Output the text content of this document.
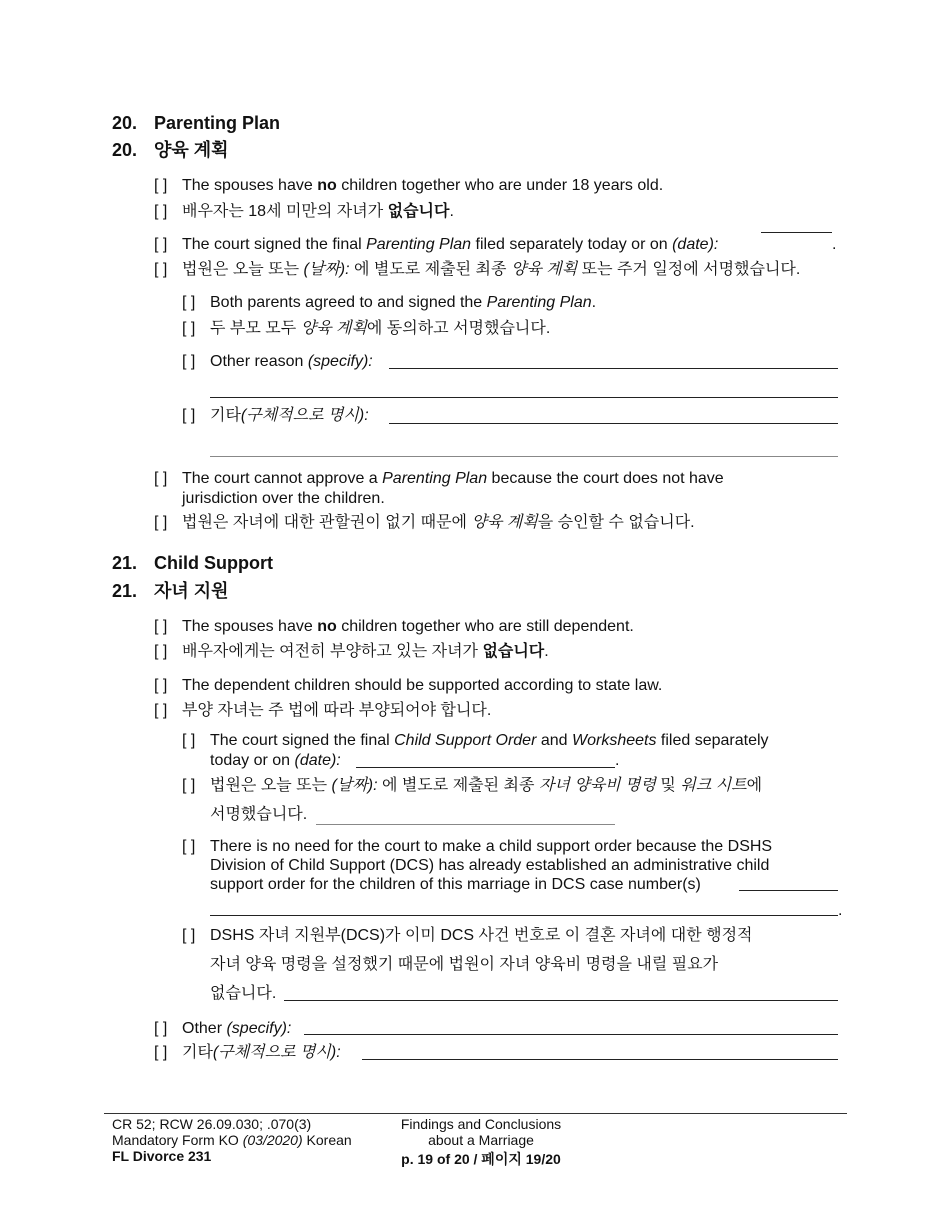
20. Parenting Plan
20. 양육 계획
[ ] The spouses have no children together who are under 18 years old.
[ ] 배우자는 18세 미만의 자녀가 없습니다.
[ ] The court signed the final Parenting Plan filed separately today or on (date):	.
[ ] 법원은 오늘 또는 (날짜): 에 별도로 제출된 최종 양육 계획 또는 주거 일정에 서명했습니다.
[ ] Both parents agreed to and signed the Parenting Plan.
[ ] 두 부모 모두 양육 계획에 동의하고 서명했습니다.
[ ] Other reason (specify):
[ ] 기타(구체적으로 명시):
[ ] The court cannot approve a Parenting Plan because the court does not have
jurisdiction over the children.
[ ] 법원은 자녀에 대한 관할권이 없기 때문에 양육 계획을 승인할 수 없습니다.
21. Child Support
21. 자녀 지원
[ ] The spouses have no children together who are still dependent.
[ ] 배우자에게는 여전히 부양하고 있는 자녀가 없습니다.
[ ] The dependent children should be supported according to state law.
[ ] 부양 자녀는 주 법에 따라 부양되어야 합니다.
[ ] The court signed the final Child Support Order and Worksheets filed separately
today or on (date):	.
[ ] 법원은 오늘 또는 (날짜): 에 별도로 제출된 최종 자녀 양육비 명령 및 워크 시트에
서명했습니다.
[ ] There is no need for the court to make a child support order because the DSHS
Division of Child Support (DCS) has already established an administrative child
support order for the children of this marriage in DCS case number(s)
.
[ ] DSHS 자녀 지원부(DCS)가 이미 DCS 사건 번호로 이 결혼 자녀에 대한 행정적
자녀 양육 명령을 설정했기 때문에 법원이 자녀 양육비 명령을 내릴 필요가
없습니다.
[ ] Other (specify):
[ ] 기타(구체적으로 명시):
CR 52; RCW 26.09.030; .070(3)
Mandatory Form KO (03/2020) Korean
FL Divorce 231
Findings and Conclusions
about a Marriage
p. 19 of 20 / 페이지 19/20
